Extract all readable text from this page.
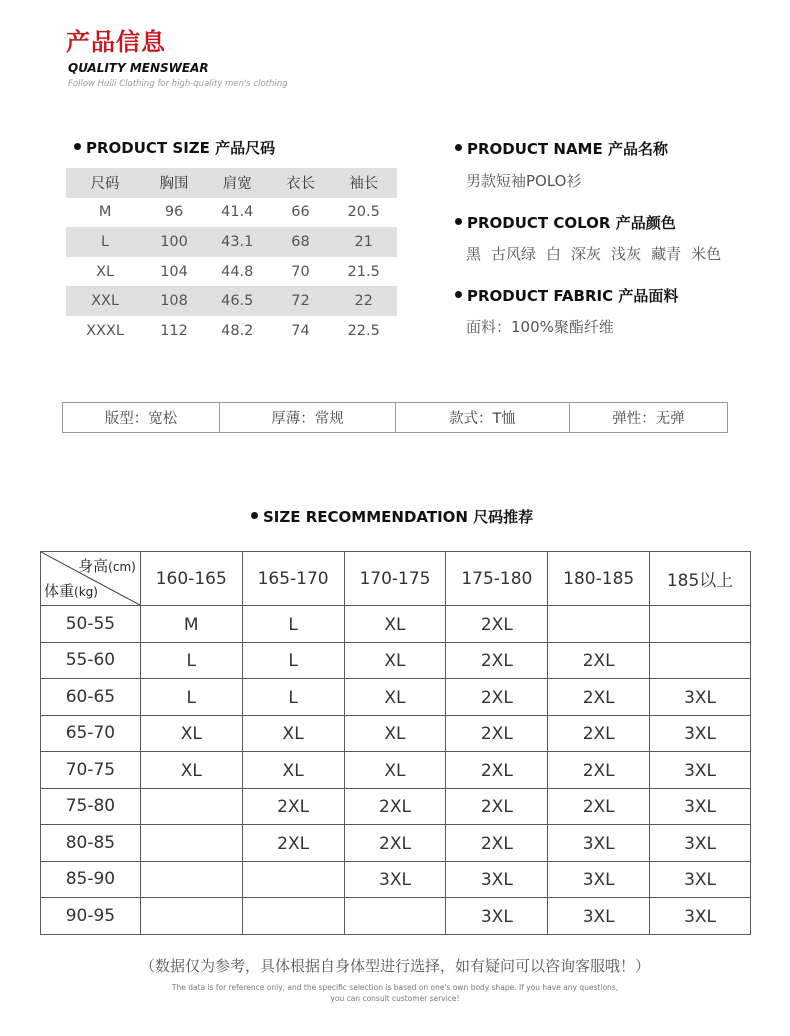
产品信息
QUALITY MENSWEAR
Follow Huili Clothing for high-quality men's clothing
PRODUCT SIZE 产品尺码
尺码	胸围	肩宽	衣长	袖长
M	96	41.4	66	20.5
L	100	43.1	68	21
XL	104	44.8	70	21.5
XXL	108	46.5	72	22
XXXL	112	48.2	74	22.5
PRODUCT NAME 产品名称
男款短袖POLO衫
PRODUCT COLOR 产品颜色
黑 古风绿 白 深灰 浅灰 藏青 米色
PRODUCT FABRIC 产品面料
面料：100%聚酯纤维
版型：宽松	厚薄：常规	款式：T恤	弹性：无弹
SIZE RECOMMENDATION 尺码推荐
身高(cm)
体重(kg)	160-165	165-170	170-175	175-180	180-185	185以上
50-55	M	L	XL	2XL		
55-60	L	L	XL	2XL	2XL	
60-65	L	L	XL	2XL	2XL	3XL
65-70	XL	XL	XL	2XL	2XL	3XL
70-75	XL	XL	XL	2XL	2XL	3XL
75-80		2XL	2XL	2XL	2XL	3XL
80-85		2XL	2XL	2XL	3XL	3XL
85-90			3XL	3XL	3XL	3XL
90-95				3XL	3XL	3XL
（数据仅为参考，具体根据自身体型进行选择，如有疑问可以咨询客服哦！）
The data is for reference only, and the specific selection is based on one's own body shape. If you have any questions,
you can consult customer service!
